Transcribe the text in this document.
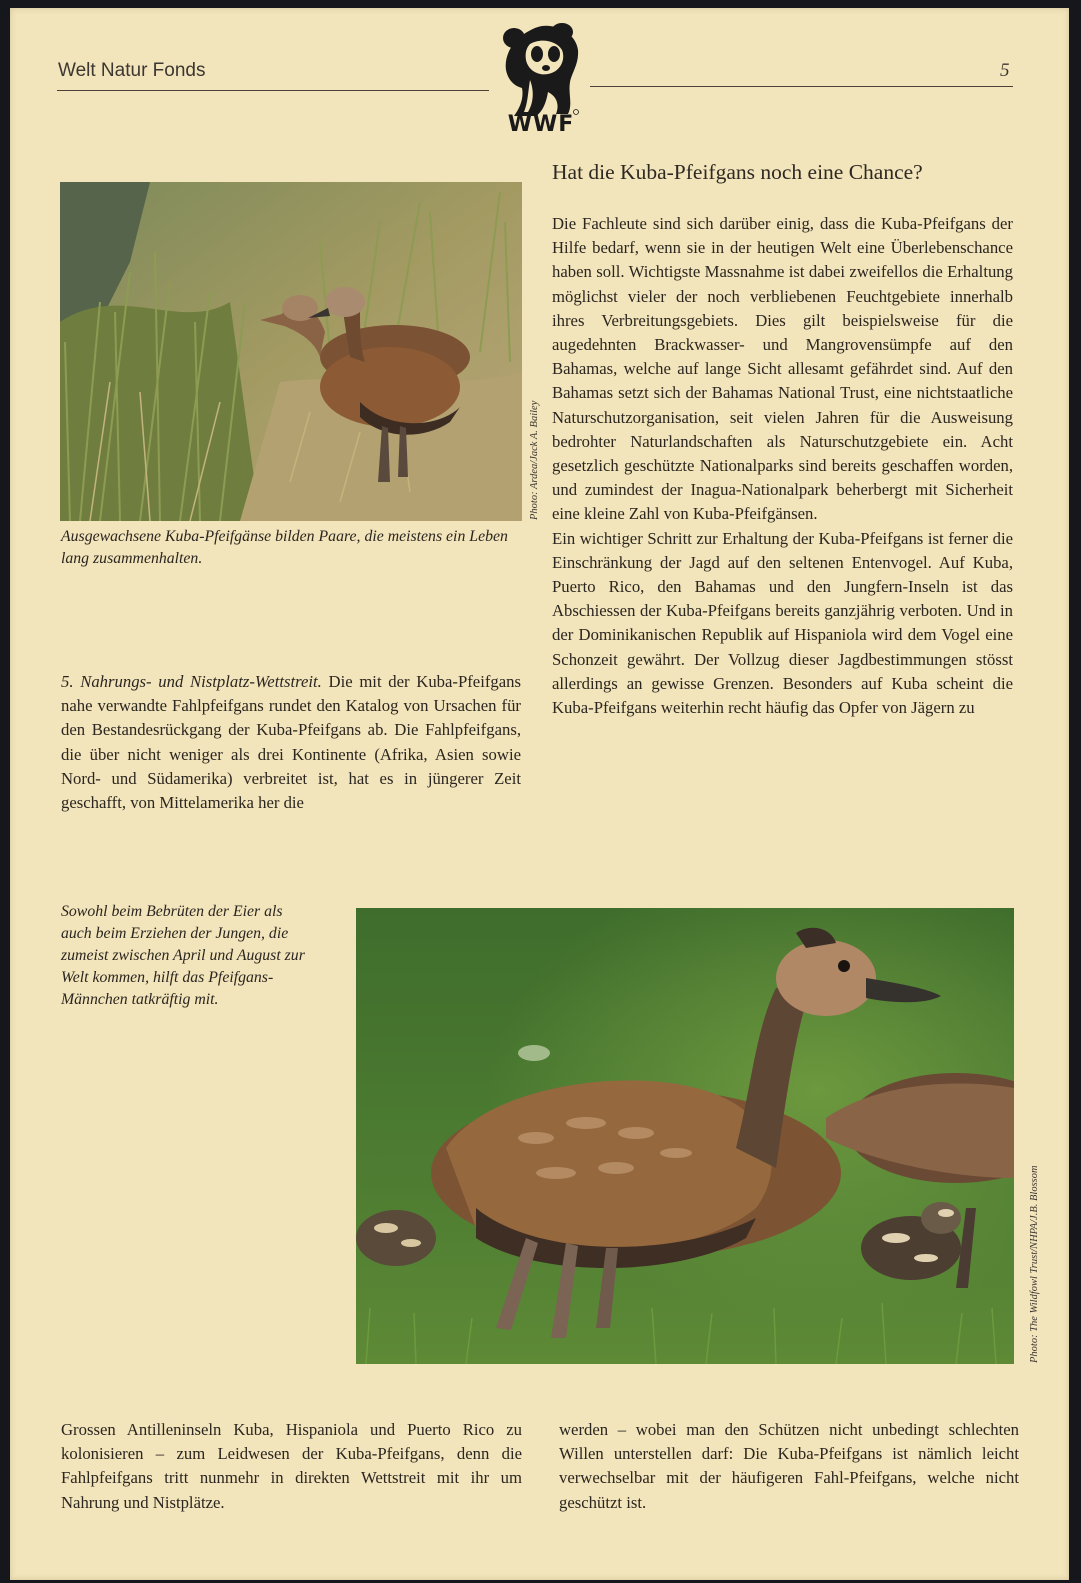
Welt Natur Fonds	5
WWF
Hat die Kuba-Pfeifgans noch eine Chance?

Die Fachleute sind sich darüber einig, dass die Kuba-Pfeifgans der Hilfe bedarf, wenn sie in der heutigen Welt eine Überlebenschance haben soll. Wichtigste Massnahme ist dabei zweifellos die Erhaltung möglichst vieler der noch verbliebenen Feuchtgebiete innerhalb ihres Verbreitungsgebiets. Dies gilt beispielsweise für die augedehnten Brackwasser- und Mangrovensümpfe auf den Bahamas, welche auf lange Sicht allesamt gefährdet sind. Auf den Bahamas setzt sich der Bahamas National Trust, eine nichtstaatliche Naturschutzorganisation, seit vielen Jahren für die Ausweisung bedrohter Naturlandschaften als Naturschutzgebiete ein. Acht gesetzlich geschützte Nationalparks sind bereits geschaffen worden, und zumindest der Inagua-Nationalpark beherbergt mit Sicherheit eine kleine Zahl von Kuba-Pfeifgänsen.

Ein wichtiger Schritt zur Erhaltung der Kuba-Pfeifgans ist ferner die Einschränkung der Jagd auf den seltenen Entenvogel. Auf Kuba, Puerto Rico, den Bahamas und den Jungfern-Inseln ist das Abschiessen der Kuba-Pfeifgans bereits ganzjährig verboten. Und in der Dominikanischen Republik auf Hispaniola wird dem Vogel eine Schonzeit gewährt. Der Vollzug dieser Jagdbestimmungen stösst allerdings an gewisse Grenzen. Besonders auf Kuba scheint die Kuba-Pfeifgans weiterhin recht häufig das Opfer von Jägern zu

Photo: Ardea/Jack A. Bailey
Ausgewachsene Kuba-Pfeifgänse bilden Paare, die meistens ein Leben lang zusammenhalten.

5. Nahrungs- und Nistplatz-Wettstreit. Die mit der Kuba-Pfeifgans nahe verwandte Fahlpfeifgans rundet den Katalog von Ursachen für den Bestandesrückgang der Kuba-Pfeifgans ab. Die Fahlpfeifgans, die über nicht weniger als drei Kontinente (Afrika, Asien sowie Nord- und Südamerika) verbreitet ist, hat es in jüngerer Zeit geschafft, von Mittelamerika her die

Sowohl beim Bebrüten der Eier als auch beim Erziehen der Jungen, die zumeist zwischen April und August zur Welt kommen, hilft das Pfeifgans-Männchen tatkräftig mit.
Photo: The Wildfowl Trust/NHPA/J.B. Blossom

Grossen Antilleninseln Kuba, Hispaniola und Puerto Rico zu kolonisieren – zum Leidwesen der Kuba-Pfeifgans, denn die Fahlpfeifgans tritt nunmehr in direkten Wettstreit mit ihr um Nahrung und Nistplätze.

werden – wobei man den Schützen nicht unbedingt schlechten Willen unterstellen darf: Die Kuba-Pfeifgans ist nämlich leicht verwechselbar mit der häufigeren Fahl-Pfeifgans, welche nicht geschützt ist.
